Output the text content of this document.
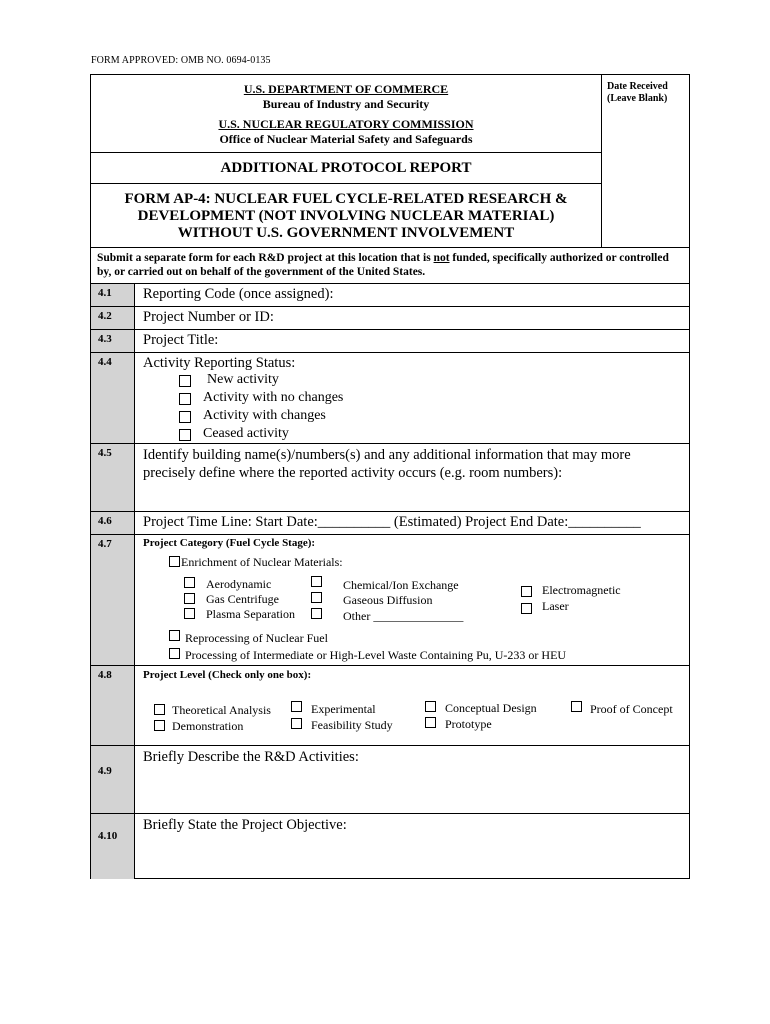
FORM APPROVED: OMB NO. 0694-0135
U.S. DEPARTMENT OF COMMERCE
Bureau of Industry and Security
U.S. NUCLEAR REGULATORY COMMISSION
Office of Nuclear Material Safety and Safeguards
Date Received
(Leave Blank)
ADDITIONAL PROTOCOL REPORT
FORM AP-4: NUCLEAR FUEL CYCLE-RELATED RESEARCH &
DEVELOPMENT (NOT INVOLVING NUCLEAR MATERIAL)
WITHOUT U.S. GOVERNMENT INVOLVEMENT
Submit a separate form for each R&D project at this location that is not funded, specifically authorized or controlled by, or carried out on behalf of the government of the United States.
4.1 Reporting Code (once assigned):
4.2 Project Number or ID:
4.3 Project Title:
4.4 Activity Reporting Status:
New activity
Activity with no changes
Activity with changes
Ceased activity
4.5 Identify building name(s)/numbers(s) and any additional information that may more
precisely define where the reported activity occurs (e.g. room numbers):
4.6 Project Time Line: Start Date:__________ (Estimated) Project End Date:__________
4.7	Project Category (Fuel Cycle Stage):
Enrichment of Nuclear Materials:
Aerodynamic
Gas Centrifuge
Plasma Separation
Chemical/Ion Exchange
Gaseous Diffusion
Other _______________
Electromagnetic
Laser
Reprocessing of Nuclear Fuel
Processing of Intermediate or High-Level Waste Containing Pu, U-233 or HEU
4.8	Project Level (Check only one box):
Theoretical Analysis
Demonstration
Experimental
Feasibility Study
Conceptual Design
Prototype
Proof of Concept
4.9
Briefly Describe the R&D Activities:
4.10
Briefly State the Project Objective:
